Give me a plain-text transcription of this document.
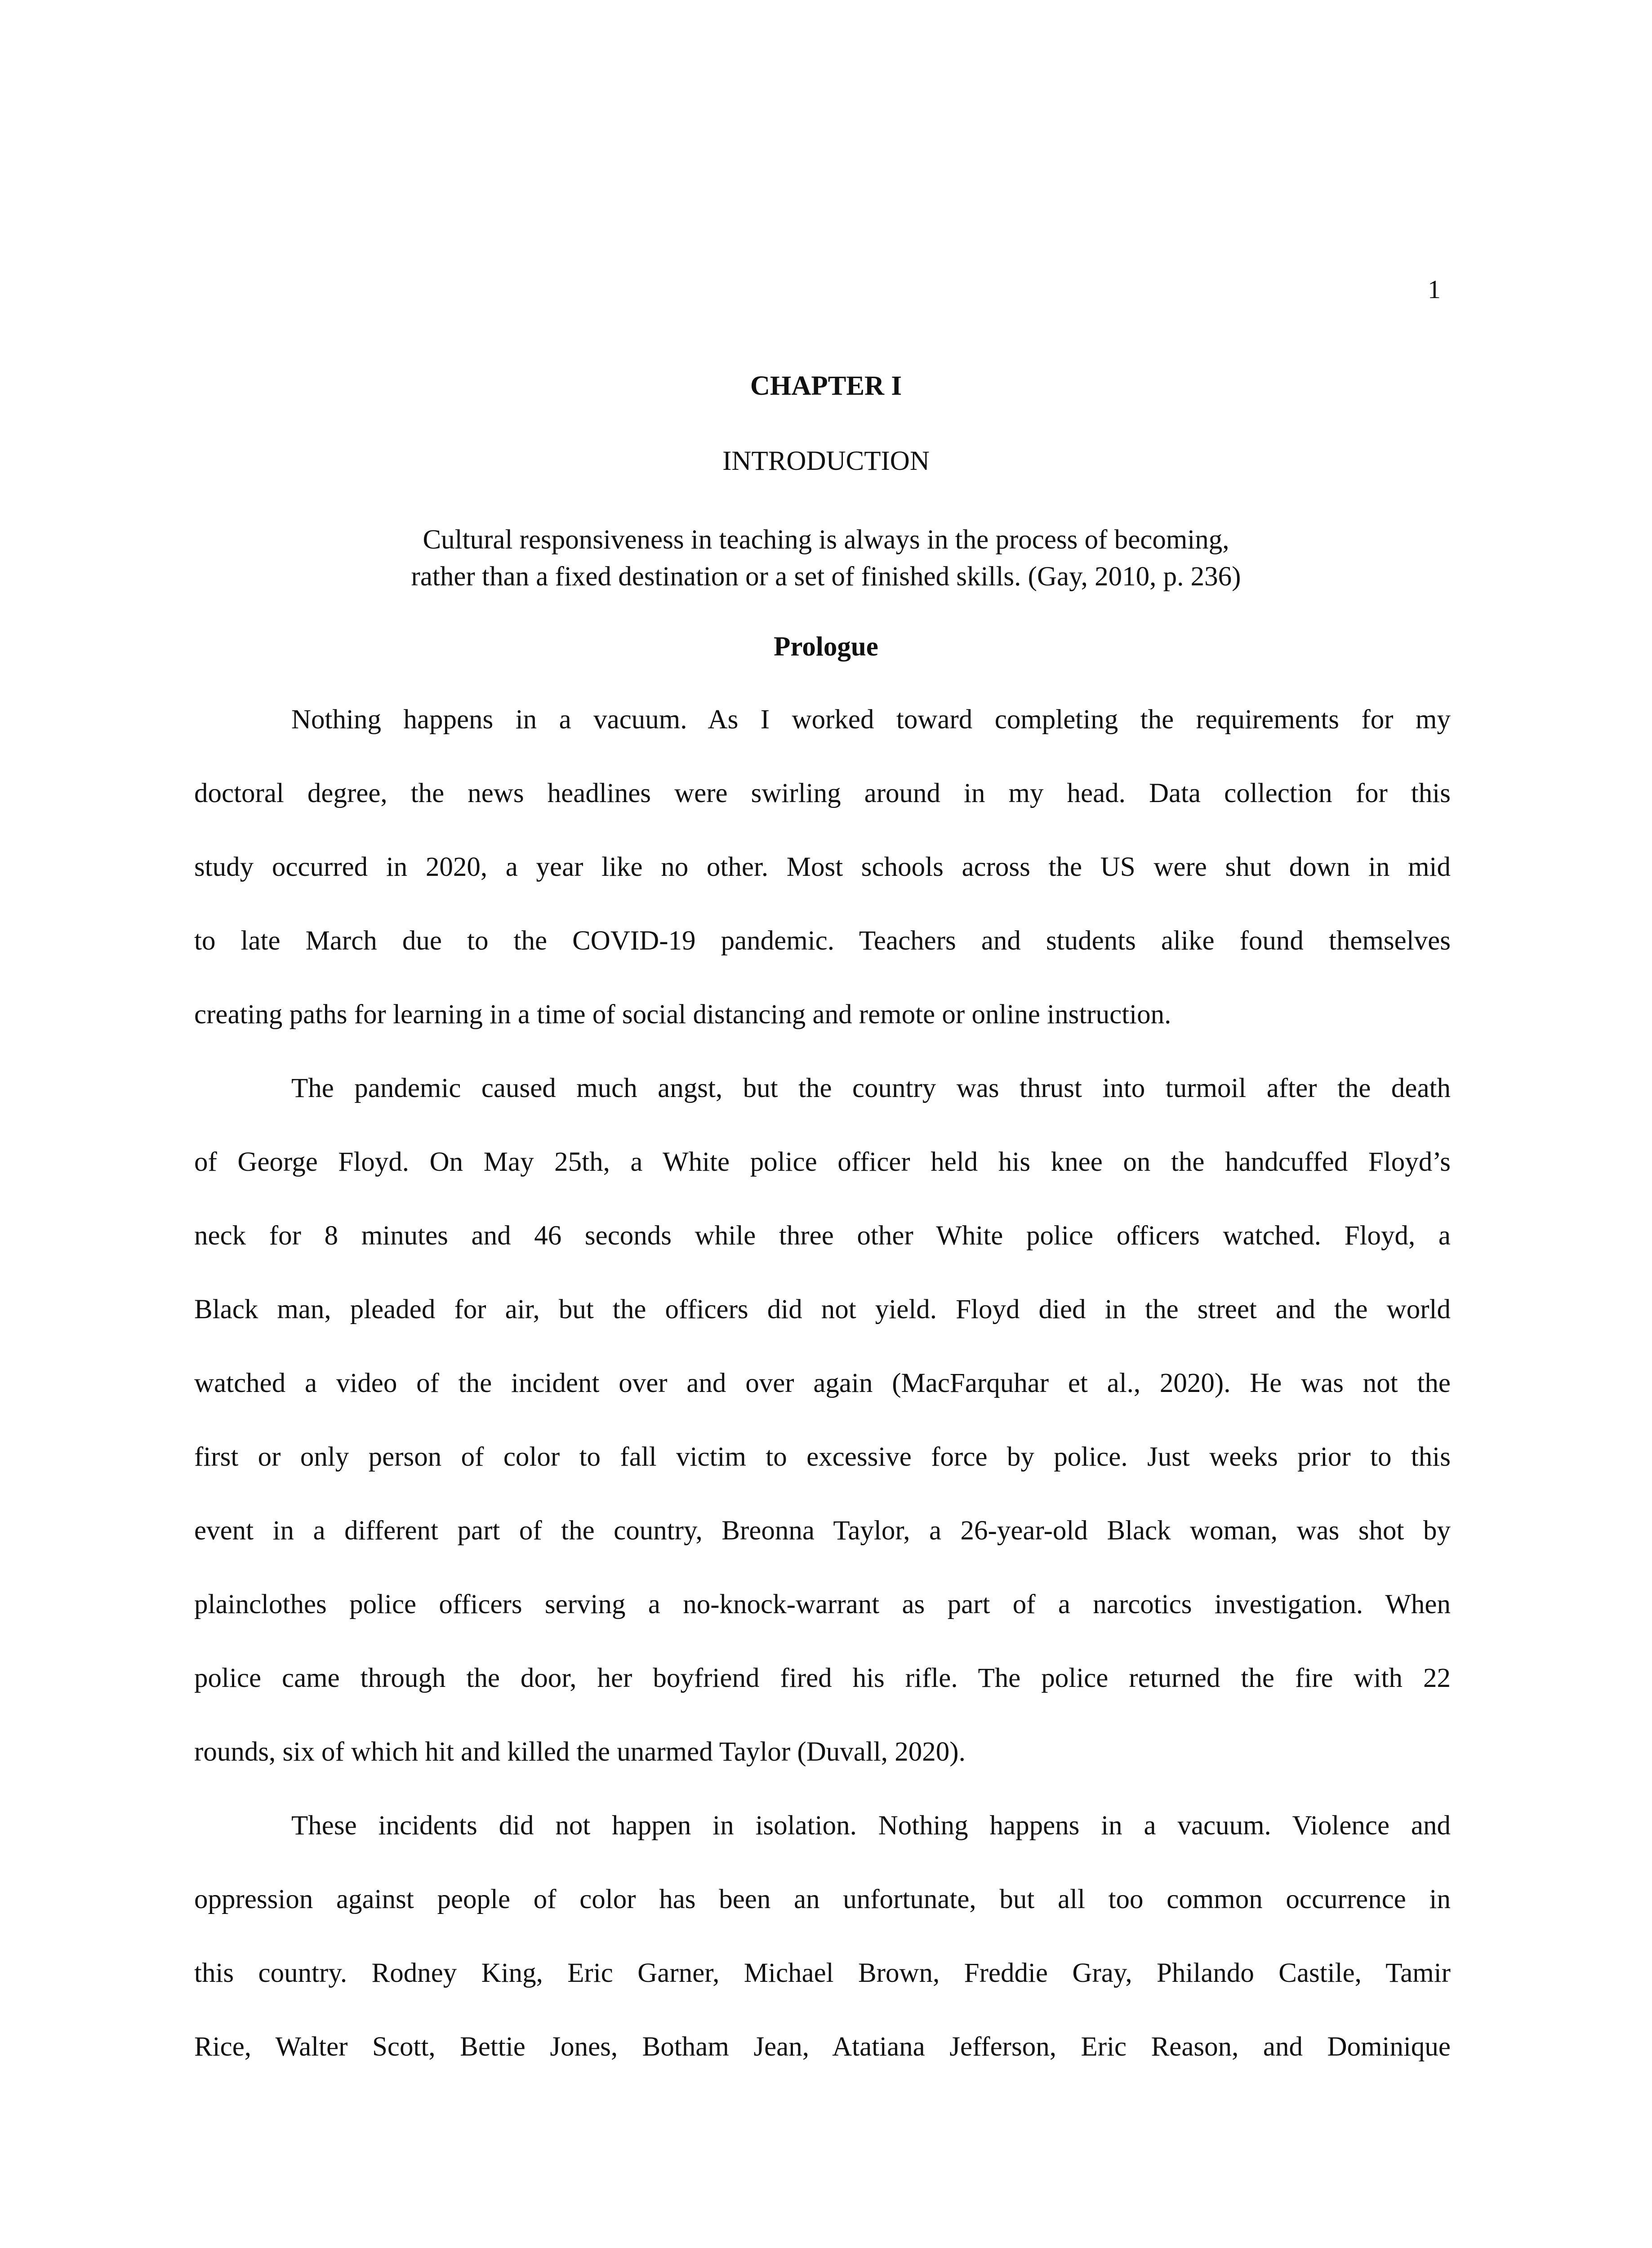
1
CHAPTER I
INTRODUCTION
Cultural responsiveness in teaching is always in the process of becoming,
rather than a fixed destination or a set of finished skills. (Gay, 2010, p. 236)
Prologue
Nothing happens in a vacuum. As I worked toward completing the requirements for my
doctoral degree, the news headlines were swirling around in my head. Data collection for this
study occurred in 2020, a year like no other. Most schools across the US were shut down in mid
to late March due to the COVID-19 pandemic. Teachers and students alike found themselves
creating paths for learning in a time of social distancing and remote or online instruction.
The pandemic caused much angst, but the country was thrust into turmoil after the death
of George Floyd. On May 25th, a White police officer held his knee on the handcuffed Floyd’s
neck for 8 minutes and 46 seconds while three other White police officers watched. Floyd, a
Black man, pleaded for air, but the officers did not yield. Floyd died in the street and the world
watched a video of the incident over and over again (MacFarquhar et al., 2020). He was not the
first or only person of color to fall victim to excessive force by police. Just weeks prior to this
event in a different part of the country, Breonna Taylor, a 26-year-old Black woman, was shot by
plainclothes police officers serving a no-knock-warrant as part of a narcotics investigation. When
police came through the door, her boyfriend fired his rifle. The police returned the fire with 22
rounds, six of which hit and killed the unarmed Taylor (Duvall, 2020).
These incidents did not happen in isolation. Nothing happens in a vacuum. Violence and
oppression against people of color has been an unfortunate, but all too common occurrence in
this country. Rodney King, Eric Garner, Michael Brown, Freddie Gray, Philando Castile, Tamir
Rice, Walter Scott, Bettie Jones, Botham Jean, Atatiana Jefferson, Eric Reason, and Dominique
